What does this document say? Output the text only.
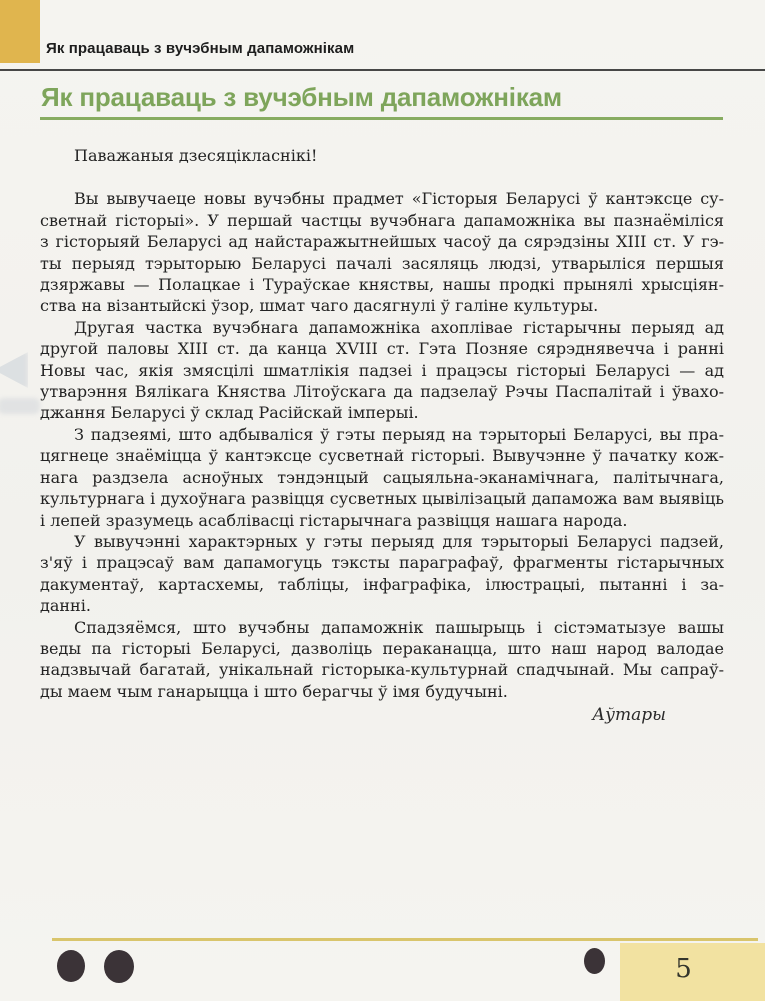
Як працаваць з вучэбным дапаможнікам
Як працаваць з вучэбным дапаможнікам

Паважаныя дзесяцікласнікі!

Вы вывучаеце новы вучэбны прадмет «Гісторыя Беларусі ў кантэксце су-
светнай гісторыі». У першай частцы вучэбнага дапаможніка вы пазнаёміліся
з гісторыяй Беларусі ад найстаражытнейшых часоў да сярэдзіны XIII ст. У гэ-
ты перыяд тэрыторыю Беларусі пачалі засяляць людзі, утварыліся першыя
дзяржавы — Полацкае і Тураўскае княствы, нашы продкі прынялі хрысціян-
ства на візантыйскі ўзор, шмат чаго дасягнулі ў галіне культуры.
Другая частка вучэбнага дапаможніка ахоплівае гістарычны перыяд ад
другой паловы XIII ст. да канца XVIII ст. Гэта Позняе сярэднявечча і ранні
Новы час, якія змясцілі шматлікія падзеі і працэсы гісторыі Беларусі — ад
утварэння Вялікага Княства Літоўскага да падзелаў Рэчы Паспалітай і ўвахо-
джання Беларусі ў склад Расійскай імперыі.
З падзеямі, што адбываліся ў гэты перыяд на тэрыторыі Беларусі, вы пра-
цягнеце знаёміцца ў кантэксце сусветнай гісторыі. Вывучэнне ў пачатку кож-
нага раздзела асноўных тэндэнцый сацыяльна-эканамічнага, палітычнага,
культурнага і духоўнага развіцця сусветных цывілізацый дапаможа вам выявіць
і лепей зразумець асаблівасці гістарычнага развіцця нашага народа.
У вывучэнні характэрных у гэты перыяд для тэрыторыі Беларусі падзей,
з'яў і працэсаў вам дапамогуць тэксты параграфаў, фрагменты гістарычных
дакументаў, картасхемы, табліцы, інфаграфіка, ілюстрацыі, пытанні і за-
данні.
Спадзяёмся, што вучэбны дапаможнік пашырыць і сістэматызуе вашы
веды па гісторыі Беларусі, дазволіць пераканацца, што наш народ валодае
надзвычай багатай, унікальнай гісторыка-культурнай спадчынай. Мы сапраў-
ды маем чым ганарыцца і што берагчы ў імя будучыні.

Аўтары

5
